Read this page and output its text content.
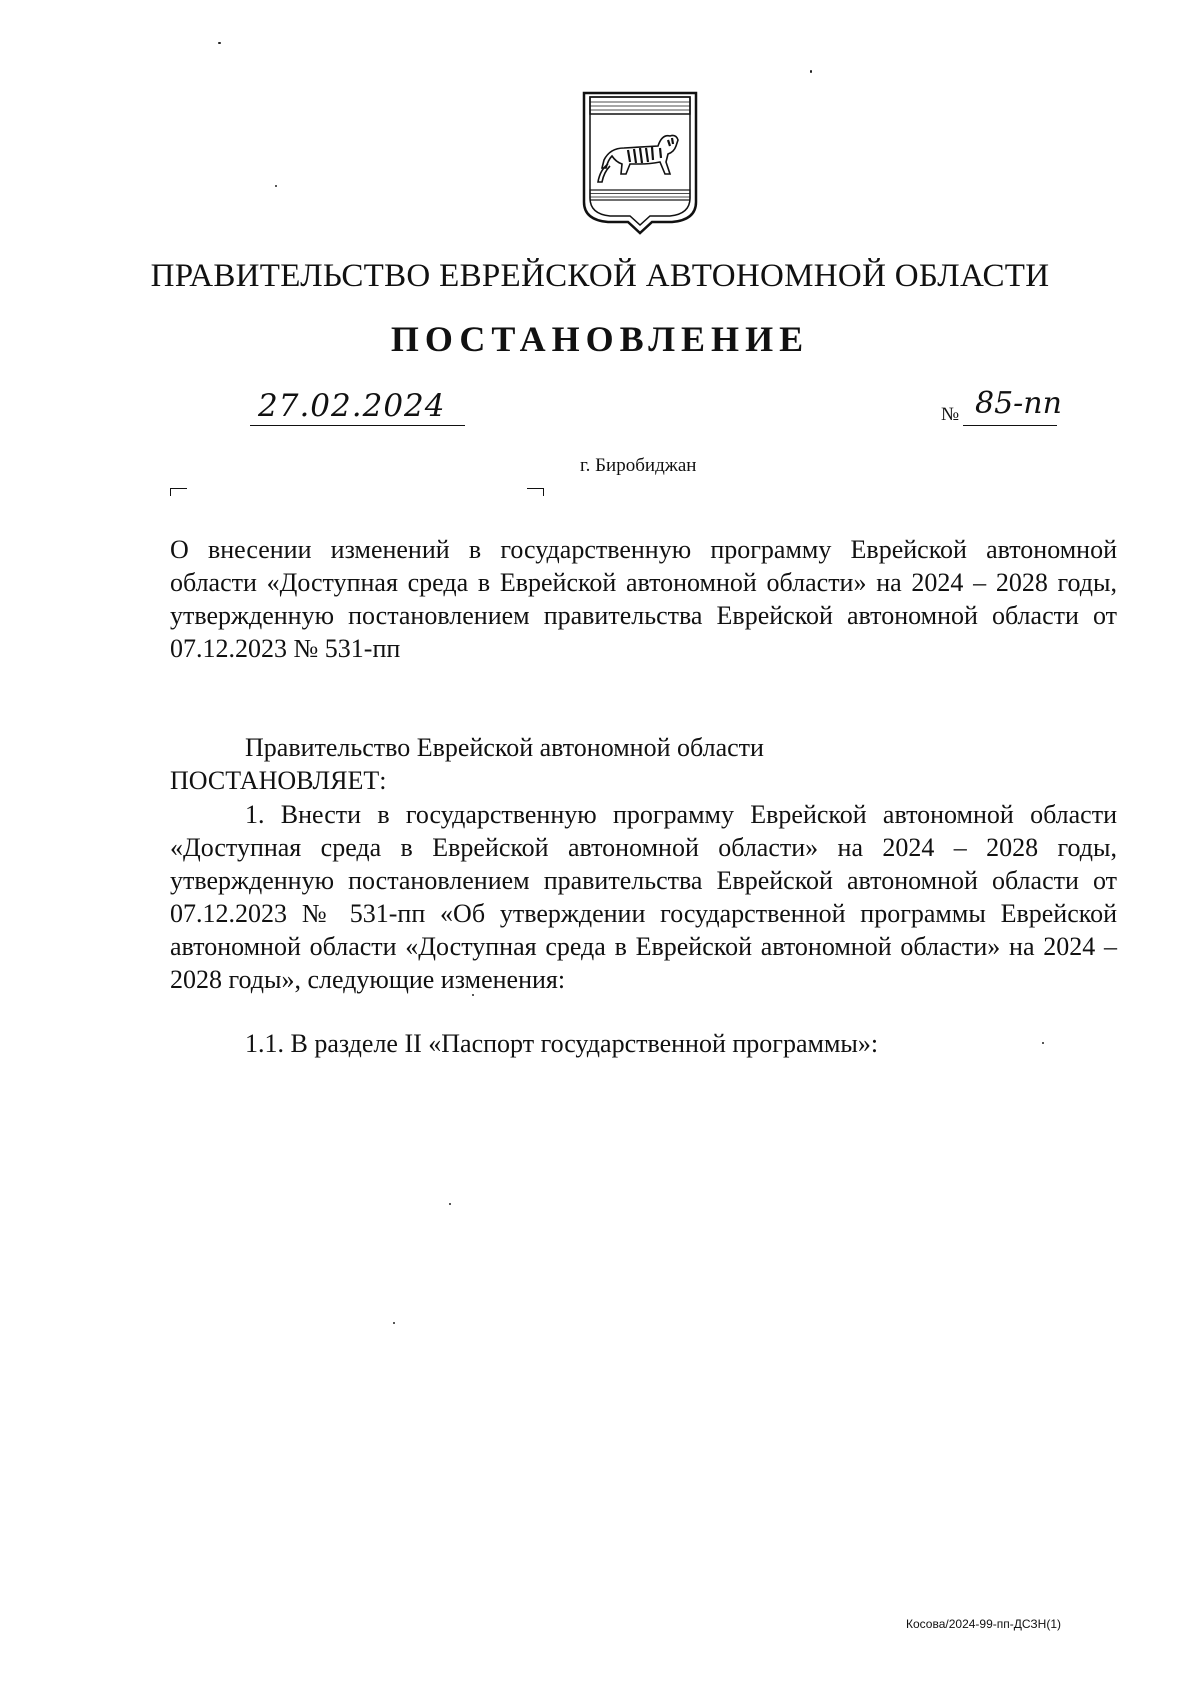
ПРАВИТЕЛЬСТВО ЕВРЕЙСКОЙ АВТОНОМНОЙ ОБЛАСТИ
ПОСТАНОВЛЕНИЕ
27.02.2024	№ 85-пп
г. Биробиджан

О внесении изменений в государственную программу Еврейской автономной области «Доступная среда в Еврейской автономной области» на 2024 – 2028 годы, утвержденную постановлением правительства Еврейской автономной области от 07.12.2023 № 531-пп

Правительство Еврейской автономной области
ПОСТАНОВЛЯЕТ:

1. Внести в государственную программу Еврейской автономной области «Доступная среда в Еврейской автономной области» на 2024 – 2028 годы, утвержденную постановлением правительства Еврейской автономной области от 07.12.2023 № 531-пп «Об утверждении государственной программы Еврейской автономной области «Доступная среда в Еврейской автономной области» на 2024 – 2028 годы», следующие изменения:

1.1. В разделе II «Паспорт государственной программы»:
Косова/2024-99-пп-ДСЗН(1)
